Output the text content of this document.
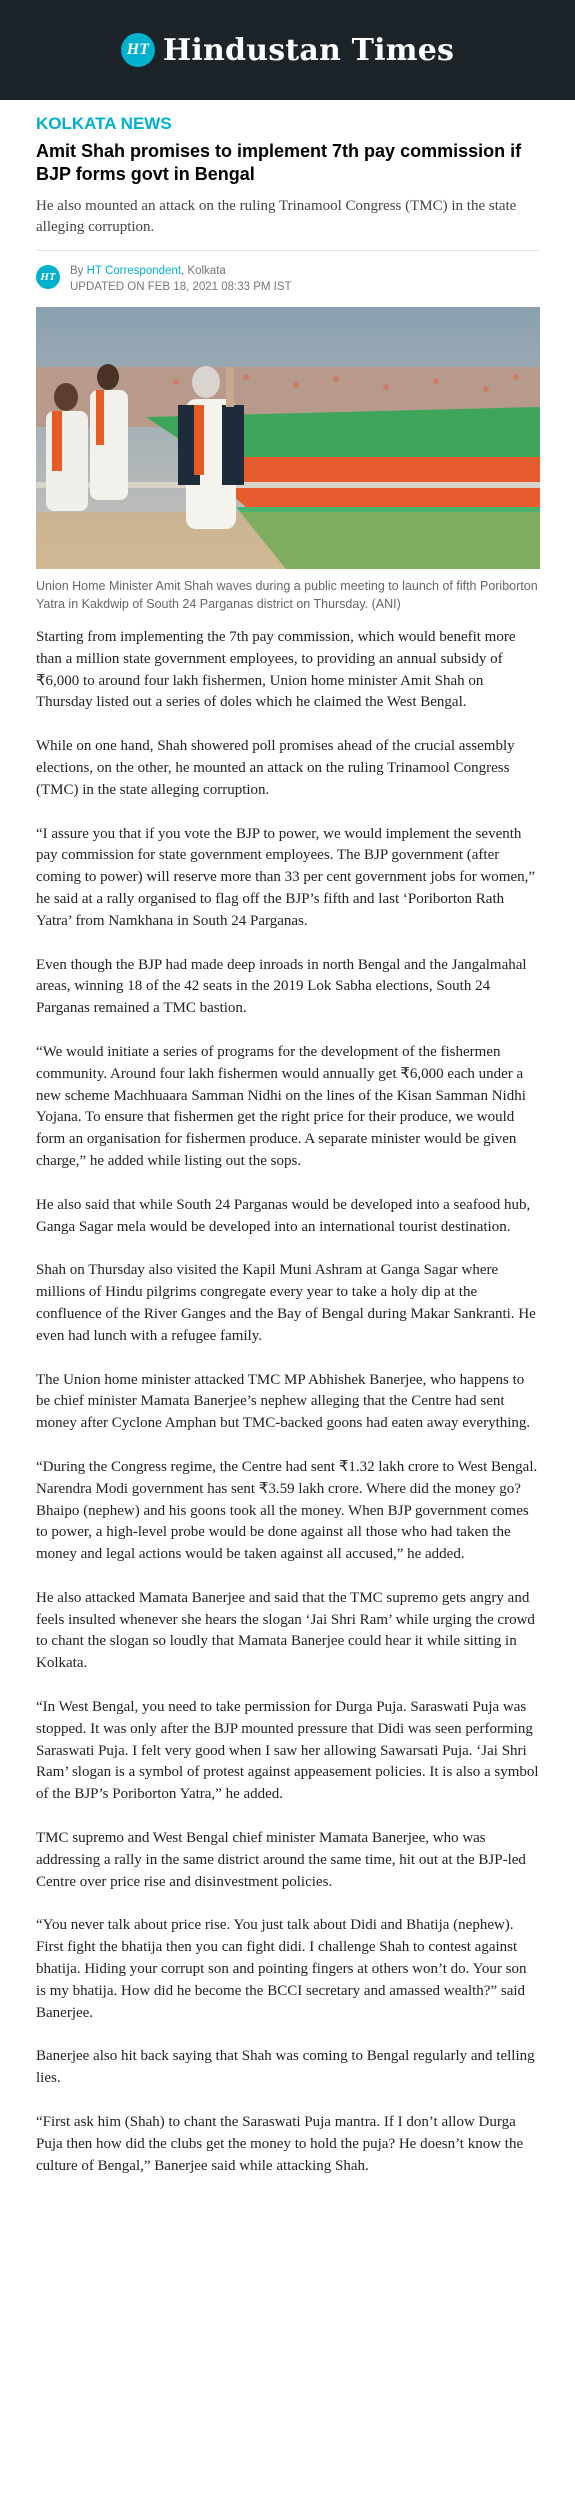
HT Hindustan Times
KOLKATA NEWS
Amit Shah promises to implement 7th pay commission if BJP forms govt in Bengal

He also mounted an attack on the ruling Trinamool Congress (TMC) in the state alleging corruption.

HT	By HT Correspondent, Kolkata
UPDATED ON FEB 18, 2021 08:33 PM IST

Union Home Minister Amit Shah waves during a public meeting to launch of fifth Poriborton Yatra in Kakdwip of South 24 Parganas district on Thursday. (ANI)

Starting from implementing the 7th pay commission, which would benefit more than a million state government employees, to providing an annual subsidy of ₹6,000 to around four lakh fishermen, Union home minister Amit Shah on Thursday listed out a series of doles which he claimed the West Bengal.

While on one hand, Shah showered poll promises ahead of the crucial assembly elections, on the other, he mounted an attack on the ruling Trinamool Congress (TMC) in the state alleging corruption.

“I assure you that if you vote the BJP to power, we would implement the seventh pay commission for state government employees. The BJP government (after coming to power) will reserve more than 33 per cent government jobs for women,” he said at a rally organised to flag off the BJP’s fifth and last ‘Poriborton Rath Yatra’ from Namkhana in South 24 Parganas.

Even though the BJP had made deep inroads in north Bengal and the Jangalmahal areas, winning 18 of the 42 seats in the 2019 Lok Sabha elections, South 24 Parganas remained a TMC bastion.

“We would initiate a series of programs for the development of the fishermen community. Around four lakh fishermen would annually get ₹6,000 each under a new scheme Machhuaara Samman Nidhi on the lines of the Kisan Samman Nidhi Yojana. To ensure that fishermen get the right price for their produce, we would form an organisation for fishermen produce. A separate minister would be given charge,” he added while listing out the sops.

He also said that while South 24 Parganas would be developed into a seafood hub, Ganga Sagar mela would be developed into an international tourist destination.

Shah on Thursday also visited the Kapil Muni Ashram at Ganga Sagar where millions of Hindu pilgrims congregate every year to take a holy dip at the confluence of the River Ganges and the Bay of Bengal during Makar Sankranti. He even had lunch with a refugee family.

The Union home minister attacked TMC MP Abhishek Banerjee, who happens to be chief minister Mamata Banerjee’s nephew alleging that the Centre had sent money after Cyclone Amphan but TMC-backed goons had eaten away everything.

“During the Congress regime, the Centre had sent ₹1.32 lakh crore to West Bengal. Narendra Modi government has sent ₹3.59 lakh crore. Where did the money go? Bhaipo (nephew) and his goons took all the money. When BJP government comes to power, a high-level probe would be done against all those who had taken the money and legal actions would be taken against all accused,” he added.

He also attacked Mamata Banerjee and said that the TMC supremo gets angry and feels insulted whenever she hears the slogan ‘Jai Shri Ram’ while urging the crowd to chant the slogan so loudly that Mamata Banerjee could hear it while sitting in Kolkata.

“In West Bengal, you need to take permission for Durga Puja. Saraswati Puja was stopped. It was only after the BJP mounted pressure that Didi was seen performing Saraswati Puja. I felt very good when I saw her allowing Sawarsati Puja. ‘Jai Shri Ram’ slogan is a symbol of protest against appeasement policies. It is also a symbol of the BJP’s Poriborton Yatra,” he added.

TMC supremo and West Bengal chief minister Mamata Banerjee, who was addressing a rally in the same district around the same time, hit out at the BJP-led Centre over price rise and disinvestment policies.

“You never talk about price rise. You just talk about Didi and Bhatija (nephew). First fight the bhatija then you can fight didi. I challenge Shah to contest against bhatija. Hiding your corrupt son and pointing fingers at others won’t do. Your son is my bhatija. How did he become the BCCI secretary and amassed wealth?” said Banerjee.

Banerjee also hit back saying that Shah was coming to Bengal regularly and telling lies.

“First ask him (Shah) to chant the Saraswati Puja mantra. If I don’t allow Durga Puja then how did the clubs get the money to hold the puja? He doesn’t know the culture of Bengal,” Banerjee said while attacking Shah.
